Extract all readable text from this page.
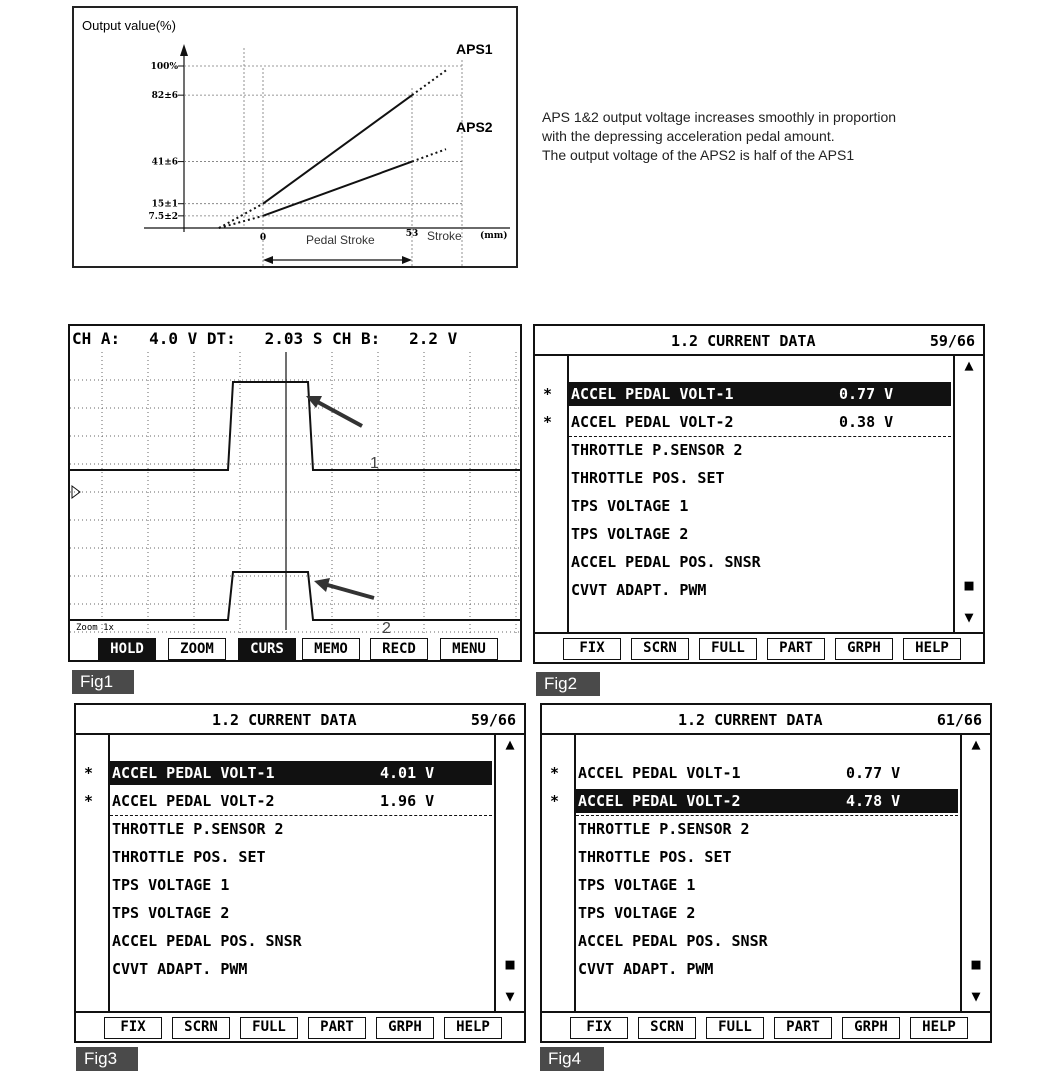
Output value(%)
100%
82±6
41±6
15±1
7.5±2
0	53
APS1
APS2
Pedal Stroke	Stroke (mm)
APS 1&2 output voltage increases smoothly in proportion
with the depressing acceleration pedal amount.
The output voltage of the APS2 is half of the APS1
CH A:   4.0 V DT:   2.03 S CH B:   2.2 V
1
2
Zoom 1x
HOLD	ZOOM	CURS	MEMO	RECD	MENU
Fig1
1.2 CURRENT DATA	59/66
* ACCEL PEDAL VOLT-1	0.77 V
* ACCEL PEDAL VOLT-2	0.38 V
THROTTLE P.SENSOR 2
THROTTLE POS. SET
TPS VOLTAGE 1
TPS VOLTAGE 2
ACCEL PEDAL POS. SNSR
CVVT ADAPT. PWM
▲
■
▼
FIX	SCRN	FULL	PART	GRPH	HELP
Fig2
1.2 CURRENT DATA	59/66
* ACCEL PEDAL VOLT-1	4.01 V
* ACCEL PEDAL VOLT-2	1.96 V
THROTTLE P.SENSOR 2
THROTTLE POS. SET
TPS VOLTAGE 1
TPS VOLTAGE 2
ACCEL PEDAL POS. SNSR
CVVT ADAPT. PWM
▲
■
▼
FIX	SCRN	FULL	PART	GRPH	HELP
Fig3
1.2 CURRENT DATA	61/66
* ACCEL PEDAL VOLT-1	0.77 V
* ACCEL PEDAL VOLT-2	4.78 V
THROTTLE P.SENSOR 2
THROTTLE POS. SET
TPS VOLTAGE 1
TPS VOLTAGE 2
ACCEL PEDAL POS. SNSR
CVVT ADAPT. PWM
▲
■
▼
FIX	SCRN	FULL	PART	GRPH	HELP
Fig4
